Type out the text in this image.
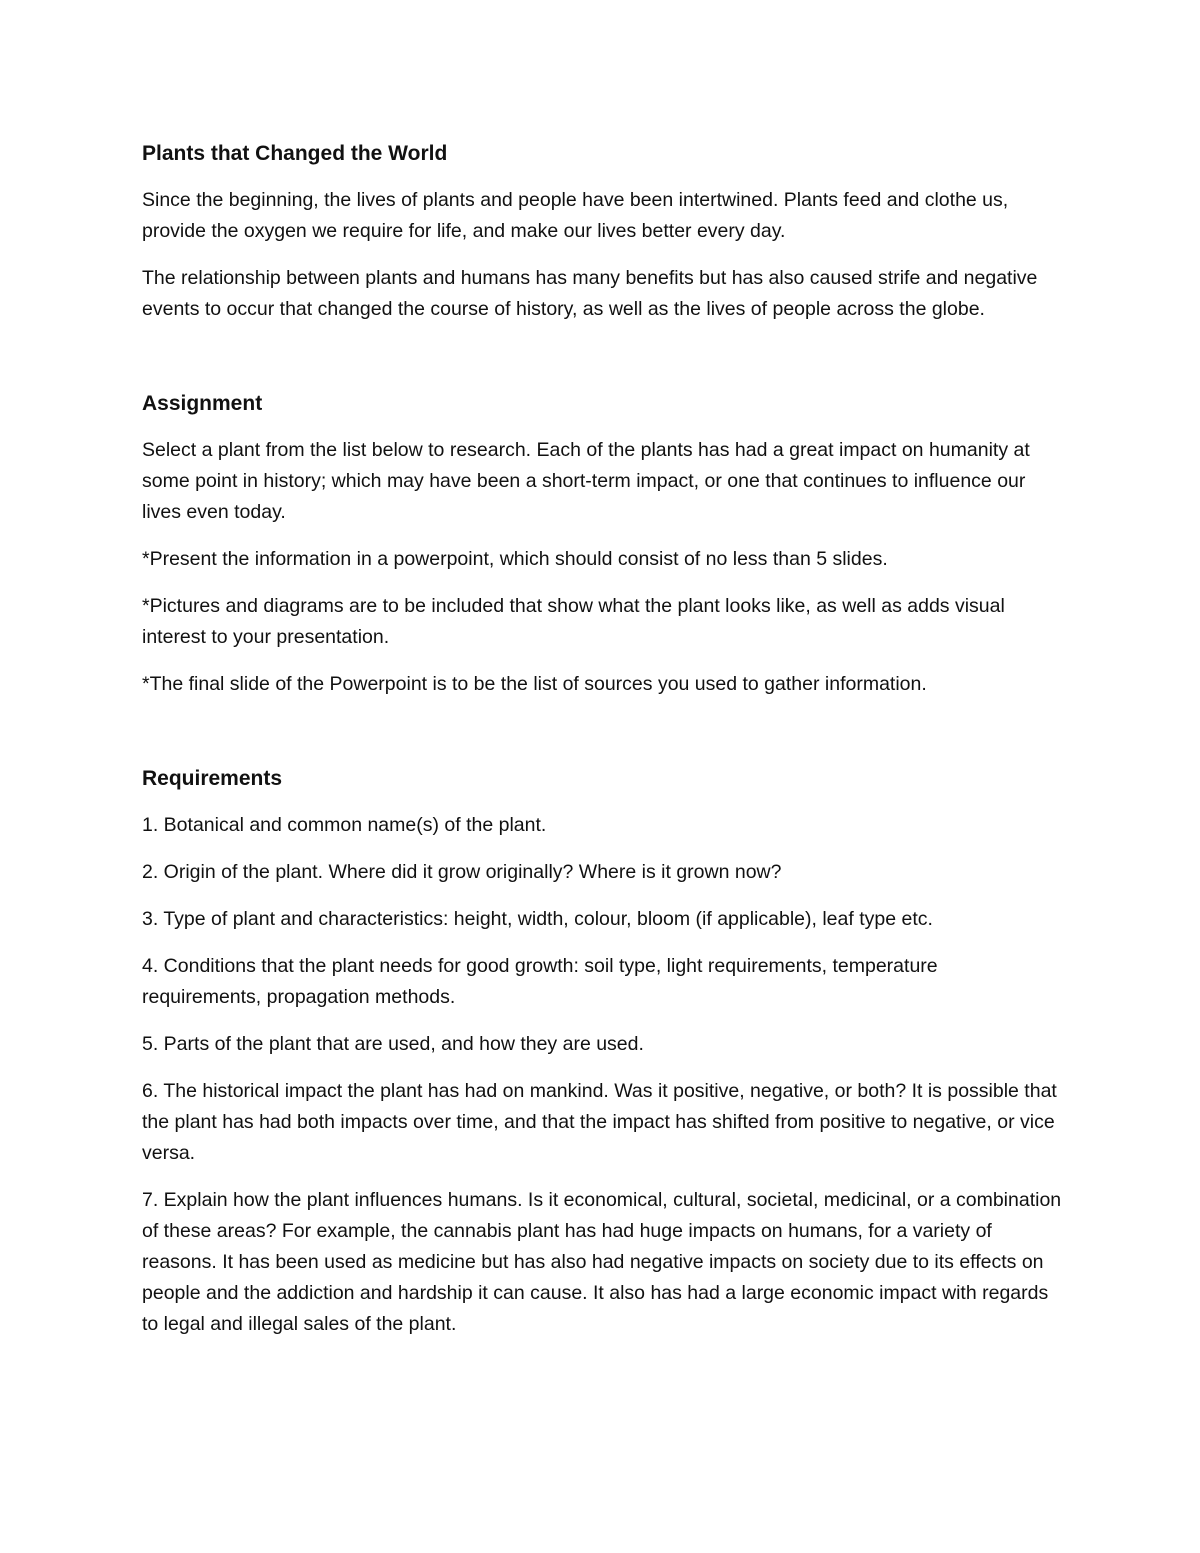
Plants that Changed the World

Since the beginning, the lives of plants and people have been intertwined. Plants feed and clothe us, provide the oxygen we require for life, and make our lives better every day.

The relationship between plants and humans has many benefits but has also caused strife and negative events to occur that changed the course of history, as well as the lives of people across the globe.

Assignment

Select a plant from the list below to research. Each of the plants has had a great impact on humanity at some point in history; which may have been a short-term impact, or one that continues to influence our lives even today.

*Present the information in a powerpoint, which should consist of no less than 5 slides.

*Pictures and diagrams are to be included that show what the plant looks like, as well as adds visual interest to your presentation.

*The final slide of the Powerpoint is to be the list of sources you used to gather information.

Requirements

1. Botanical and common name(s) of the plant.

2. Origin of the plant. Where did it grow originally? Where is it grown now?

3. Type of plant and characteristics: height, width, colour, bloom (if applicable), leaf type etc.

4. Conditions that the plant needs for good growth: soil type, light requirements, temperature requirements, propagation methods.

5. Parts of the plant that are used, and how they are used.

6. The historical impact the plant has had on mankind. Was it positive, negative, or both? It is possible that the plant has had both impacts over time, and that the impact has shifted from positive to negative, or vice versa.

7. Explain how the plant influences humans. Is it economical, cultural, societal, medicinal, or a combination of these areas? For example, the cannabis plant has had huge impacts on humans, for a variety of reasons. It has been used as medicine but has also had negative impacts on society due to its effects on people and the addiction and hardship it can cause. It also has had a large economic impact with regards to legal and illegal sales of the plant.
